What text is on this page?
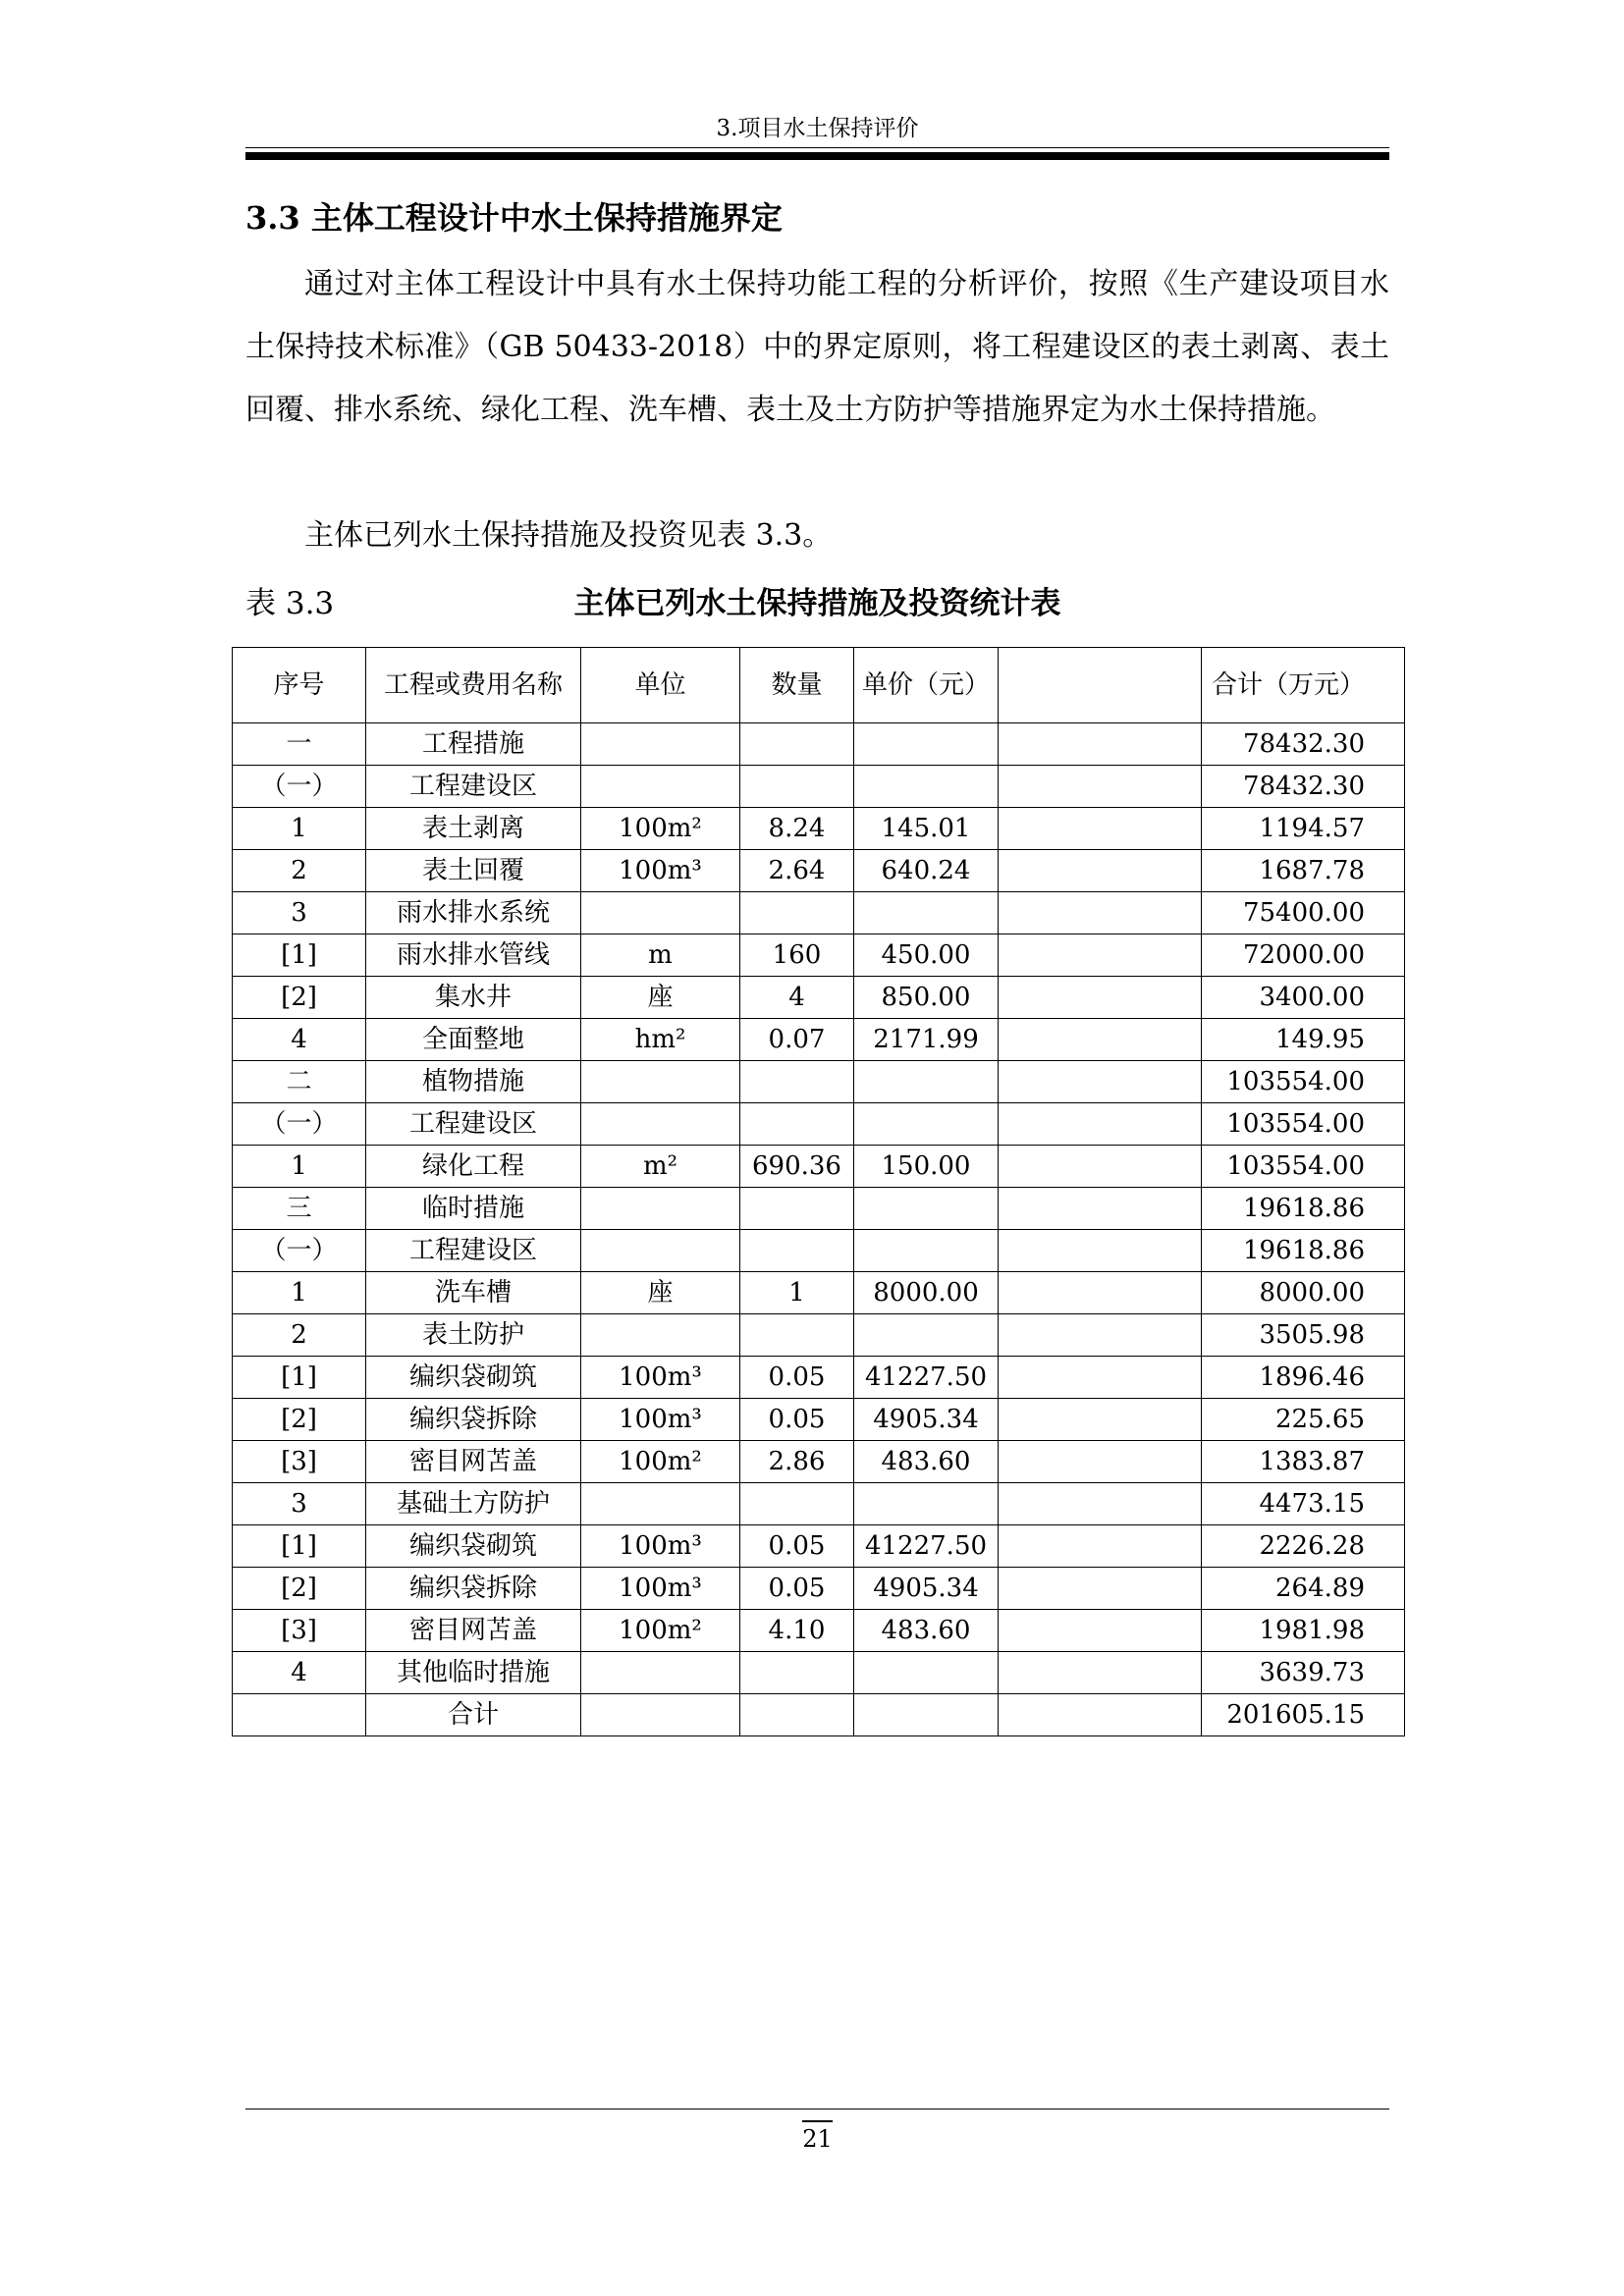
3.项目水土保持评价
3.3 主体工程设计中水土保持措施界定
通过对主体工程设计中具有水土保持功能工程的分析评价，按照《生产建设项目水土保持技术标准》（GB 50433-2018）中的界定原则，将工程建设区的表土剥离、表土回覆、排水系统、绿化工程、洗车槽、表土及土方防护等措施界定为水土保持措施。
主体已列水土保持措施及投资见表 3.3。
主体已列水土保持措施及投资统计表
表 3.3
序号	工程或费用名称	单位	数量	单价（元）		合计（万元）
一	工程措施					78432.30
（一）	工程建设区					78432.30
1	表土剥离	100m²	8.24	145.01		1194.57
2	表土回覆	100m³	2.64	640.24		1687.78
3	雨水排水系统					75400.00
[1]	雨水排水管线	m	160	450.00		72000.00
[2]	集水井	座	4	850.00		3400.00
4	全面整地	hm²	0.07	2171.99		149.95
二	植物措施					103554.00
（一）	工程建设区					103554.00
1	绿化工程	m²	690.36	150.00		103554.00
三	临时措施					19618.86
（一）	工程建设区					19618.86
1	洗车槽	座	1	8000.00		8000.00
2	表土防护					3505.98
[1]	编织袋砌筑	100m³	0.05	41227.50		1896.46
[2]	编织袋拆除	100m³	0.05	4905.34		225.65
[3]	密目网苫盖	100m²	2.86	483.60		1383.87
3	基础土方防护					4473.15
[1]	编织袋砌筑	100m³	0.05	41227.50		2226.28
[2]	编织袋拆除	100m³	0.05	4905.34		264.89
[3]	密目网苫盖	100m²	4.10	483.60		1981.98
4	其他临时措施					3639.73
	合计					201605.15
21
